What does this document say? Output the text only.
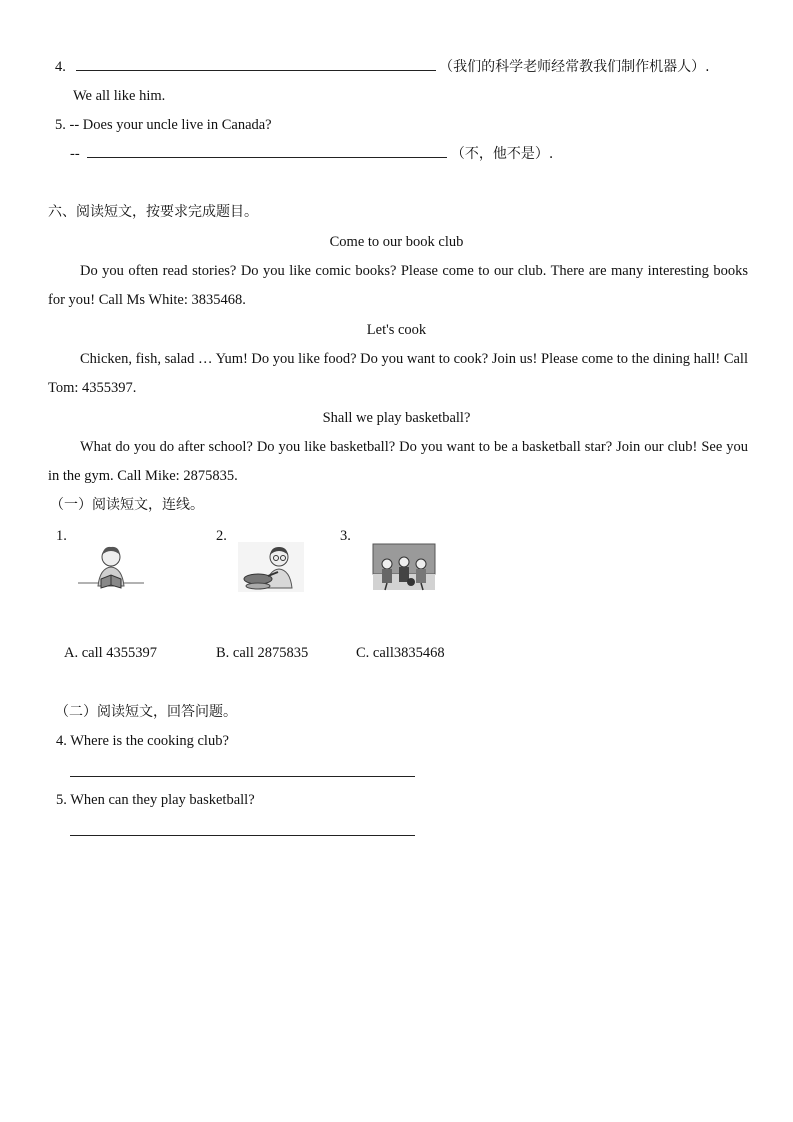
4.	（我们的科学老师经常教我们制作机器人）.
We all like him.
5. -- Does your uncle live in Canada?
--	（不，他不是）.
六、阅读短文，按要求完成题目。
Come to our book club
Do you often read stories? Do you like comic books? Please come to our club. There are many interesting books for you! Call Ms White: 3835468.
Let's cook
Chicken, fish, salad … Yum! Do you like food? Do you want to cook? Join us! Please come to the dining hall! Call Tom: 4355397.
Shall we play basketball?
What do you do after school? Do you like basketball? Do you want to be a basketball star? Join our club! See you in the gym. Call Mike: 2875835.
（一）阅读短文，连线。
1.	2.	3.
A. call 4355397	B. call 2875835	C. call3835468
（二）阅读短文，回答问题。
4. Where is the cooking club?
5. When can they play basketball?
